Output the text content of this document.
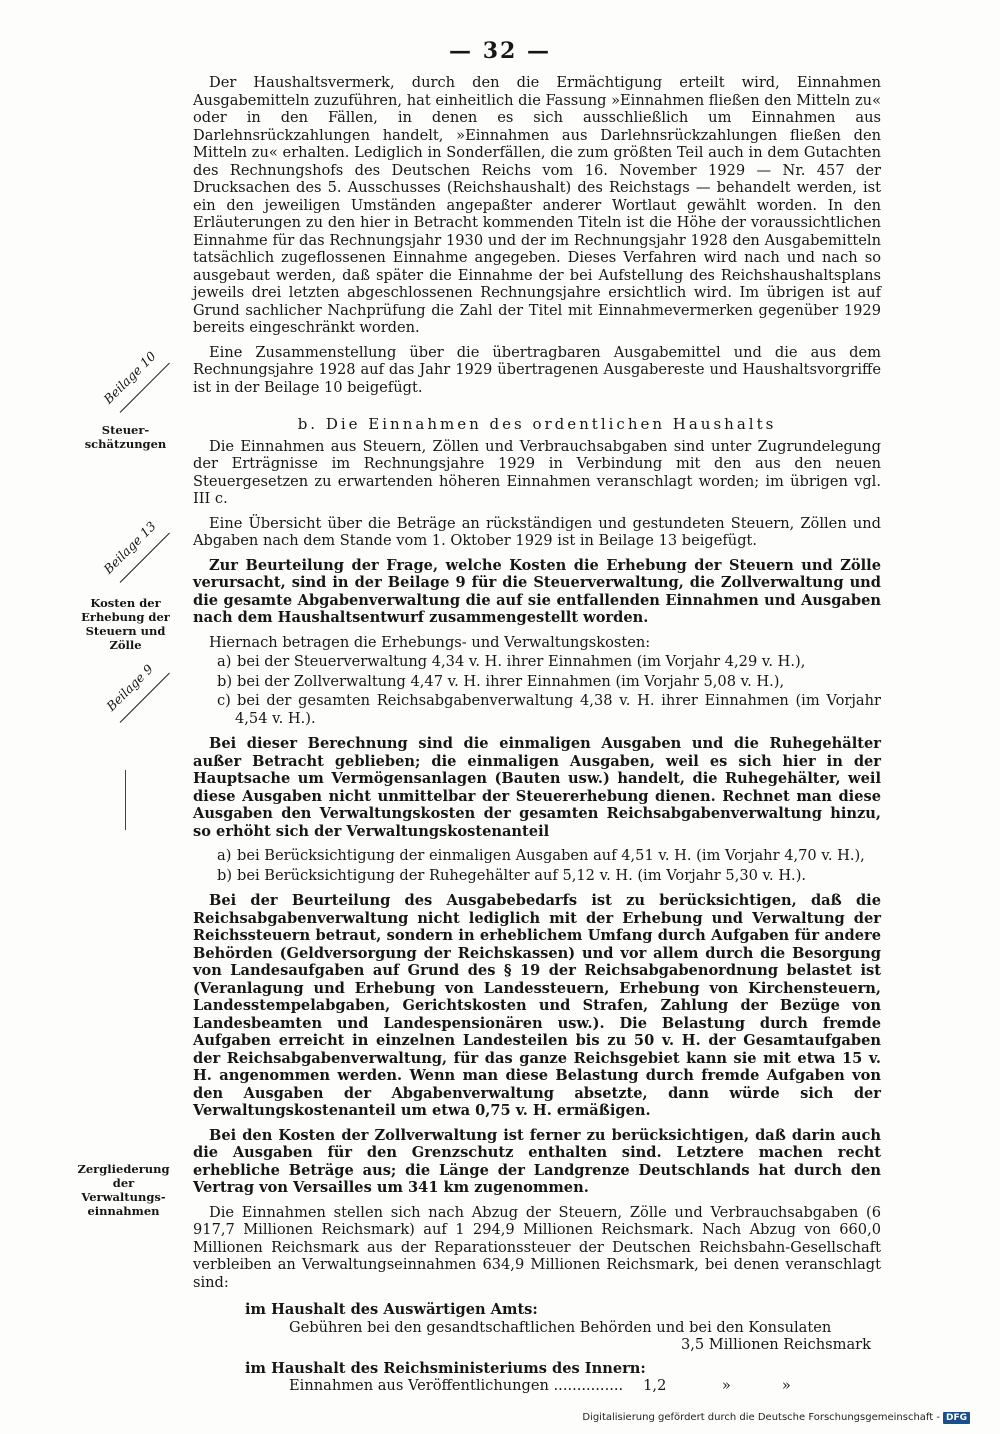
— 32 —
Beilage 10
Steuer-
schätzungen
Beilage 13
Kosten der
Erhebung der
Steuern und
Zölle
Beilage 9
Zergliederung
der
Verwaltungs-
einnahmen

Der Haushaltsvermerk, durch den die Ermächtigung erteilt wird, Einnahmen Ausgabemitteln zuzuführen, hat einheitlich die Fassung »Einnahmen fließen den Mitteln zu« oder in den Fällen, in denen es sich ausschließlich um Einnahmen aus Darlehnsrückzahlungen handelt, »Einnahmen aus Darlehnsrückzahlungen fließen den Mitteln zu« erhalten. Lediglich in Sonderfällen, die zum größten Teil auch in dem Gutachten des Rechnungshofs des Deutschen Reichs vom 16. November 1929 — Nr. 457 der Drucksachen des 5. Ausschusses (Reichshaushalt) des Reichstags — behandelt werden, ist ein den jeweiligen Umständen angepaßter anderer Wortlaut gewählt worden. In den Erläuterungen zu den hier in Betracht kommenden Titeln ist die Höhe der voraussichtlichen Einnahme für das Rechnungsjahr 1930 und der im Rechnungsjahr 1928 den Ausgabemitteln tatsächlich zugeflossenen Einnahme angegeben. Dieses Verfahren wird nach und nach so ausgebaut werden, daß später die Einnahme der bei Aufstellung des Reichshaushaltsplans jeweils drei letzten abgeschlossenen Rechnungsjahre ersichtlich wird. Im übrigen ist auf Grund sachlicher Nachprüfung die Zahl der Titel mit Einnahmevermerken gegenüber 1929 bereits eingeschränkt worden.

Eine Zusammenstellung über die übertragbaren Ausgabemittel und die aus dem Rechnungsjahre 1928 auf das Jahr 1929 übertragenen Ausgabereste und Haushaltsvorgriffe ist in der Beilage 10 beigefügt.

b. Die Einnahmen des ordentlichen Haushalts

Die Einnahmen aus Steuern, Zöllen und Verbrauchsabgaben sind unter Zugrundelegung der Erträgnisse im Rechnungsjahre 1929 in Verbindung mit den aus den neuen Steuergesetzen zu erwartenden höheren Einnahmen veranschlagt worden; im übrigen vgl. III c.

Eine Übersicht über die Beträge an rückständigen und gestundeten Steuern, Zöllen und Abgaben nach dem Stande vom 1. Oktober 1929 ist in Beilage 13 beigefügt.

Zur Beurteilung der Frage, welche Kosten die Erhebung der Steuern und Zölle verursacht, sind in der Beilage 9 für die Steuerverwaltung, die Zollverwaltung und die gesamte Abgabenverwaltung die auf sie entfallenden Einnahmen und Ausgaben nach dem Haushaltsentwurf zusammengestellt worden.

Hiernach betragen die Erhebungs- und Verwaltungskosten:

a) bei der Steuerverwaltung 4,34 v. H. ihrer Einnahmen (im Vorjahr 4,29 v. H.),
b) bei der Zollverwaltung 4,47 v. H. ihrer Einnahmen (im Vorjahr 5,08 v. H.),
c) bei der gesamten Reichsabgabenverwaltung 4,38 v. H. ihrer Einnahmen (im Vorjahr 4,54 v. H.).

Bei dieser Berechnung sind die einmaligen Ausgaben und die Ruhegehälter außer Betracht geblieben; die einmaligen Ausgaben, weil es sich hier in der Hauptsache um Vermögensanlagen (Bauten usw.) handelt, die Ruhegehälter, weil diese Ausgaben nicht unmittelbar der Steuererhebung dienen. Rechnet man diese Ausgaben den Verwaltungskosten der gesamten Reichsabgabenverwaltung hinzu, so erhöht sich der Verwaltungskostenanteil

a) bei Berücksichtigung der einmaligen Ausgaben auf 4,51 v. H. (im Vorjahr 4,70 v. H.),
b) bei Berücksichtigung der Ruhegehälter auf 5,12 v. H. (im Vorjahr 5,30 v. H.).

Bei der Beurteilung des Ausgabebedarfs ist zu berücksichtigen, daß die Reichsabgabenverwaltung nicht lediglich mit der Erhebung und Verwaltung der Reichssteuern betraut, sondern in erheblichem Umfang durch Aufgaben für andere Behörden (Geldversorgung der Reichskassen) und vor allem durch die Besorgung von Landesaufgaben auf Grund des § 19 der Reichsabgabenordnung belastet ist (Veranlagung und Erhebung von Landessteuern, Erhebung von Kirchensteuern, Landesstempelabgaben, Gerichtskosten und Strafen, Zahlung der Bezüge von Landesbeamten und Landespensionären usw.). Die Belastung durch fremde Aufgaben erreicht in einzelnen Landesteilen bis zu 50 v. H. der Gesamtaufgaben der Reichsabgabenverwaltung, für das ganze Reichsgebiet kann sie mit etwa 15 v. H. angenommen werden. Wenn man diese Belastung durch fremde Aufgaben von den Ausgaben der Abgabenverwaltung absetzte, dann würde sich der Verwaltungskostenanteil um etwa 0,75 v. H. ermäßigen.

Bei den Kosten der Zollverwaltung ist ferner zu berücksichtigen, daß darin auch die Ausgaben für den Grenzschutz enthalten sind. Letztere machen recht erhebliche Beträge aus; die Länge der Landgrenze Deutschlands hat durch den Vertrag von Versailles um 341 km zugenommen.

Die Einnahmen stellen sich nach Abzug der Steuern, Zölle und Verbrauchsabgaben (6 917,7 Millionen Reichsmark) auf 1 294,9 Millionen Reichsmark. Nach Abzug von 660,0 Millionen Reichsmark aus der Reparationssteuer der Deutschen Reichsbahn-Gesellschaft verbleiben an Verwaltungseinnahmen 634,9 Millionen Reichsmark, bei denen veranschlagt sind:

im Haushalt des Auswärtigen Amts:
Gebühren bei den gesandtschaftlichen Behörden und bei den Konsulaten
3,5 Millionen Reichsmark
im Haushalt des Reichsministeriums des Innern:
Einnahmen aus Veröffentlichungen ............... 1,2	»	»
Digitalisierung gefördert durch die Deutsche Forschungsgemeinschaft - DFG
